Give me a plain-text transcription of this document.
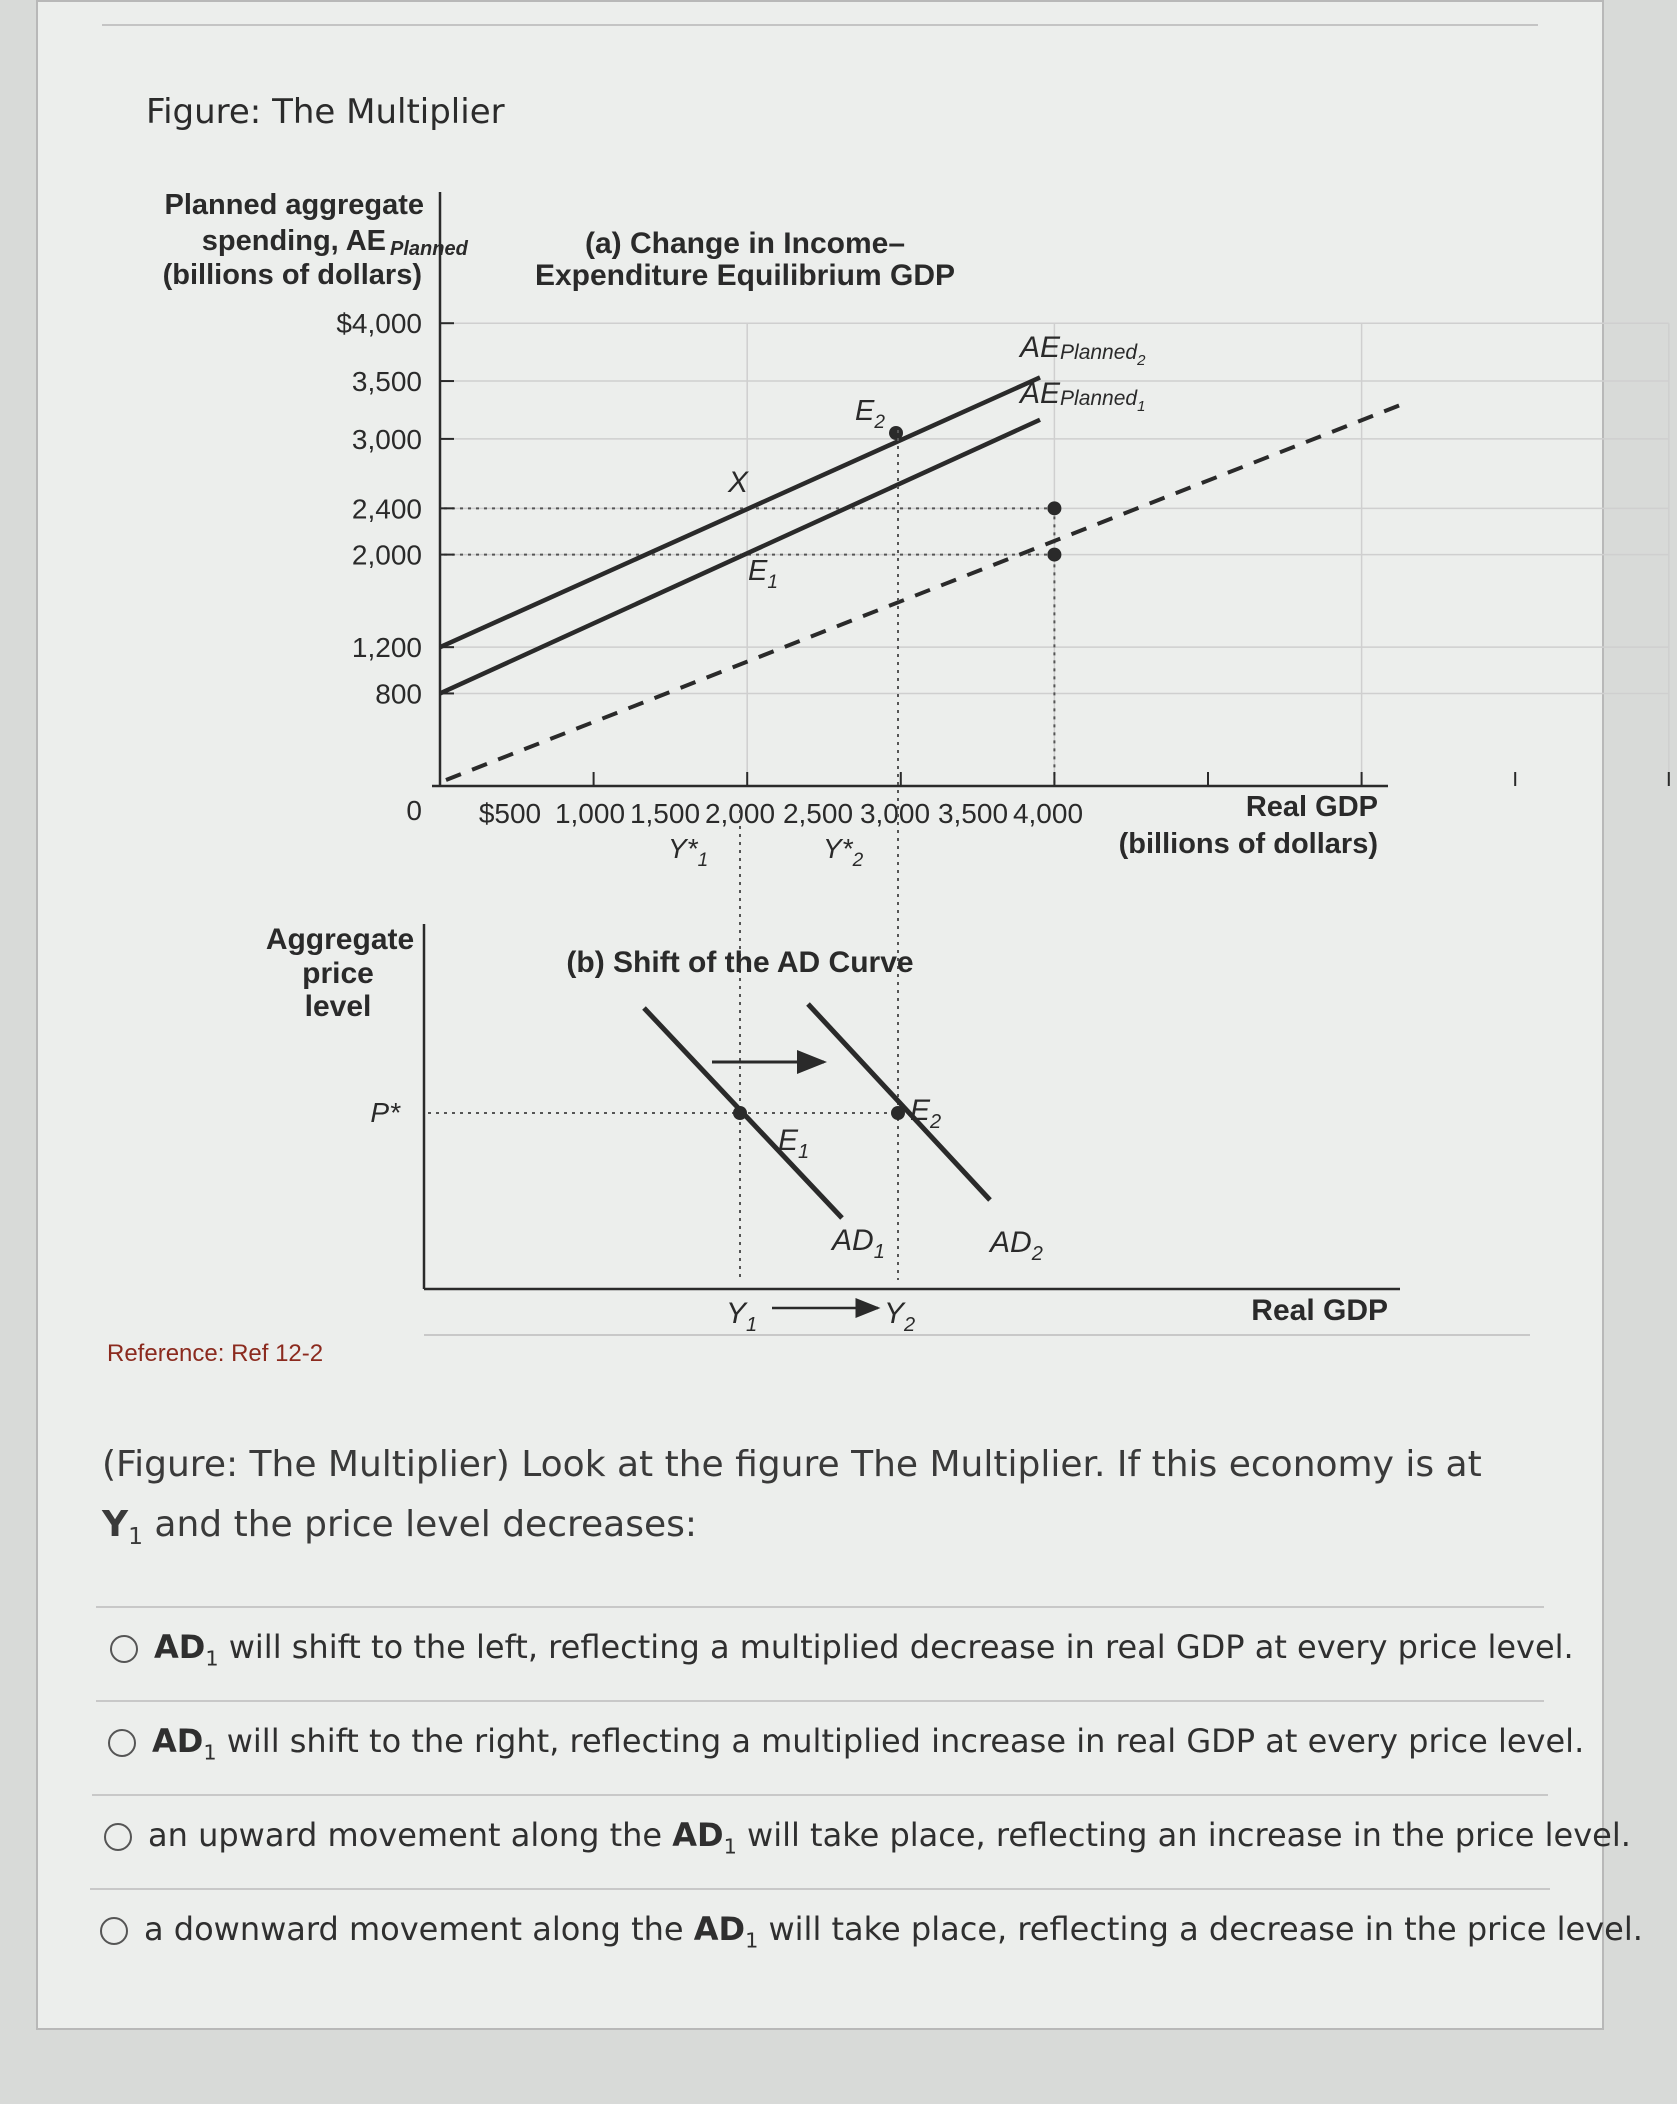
Figure: The Multiplier
$4,000
3,500
3,000
2,400
2,000
1,200
800
0 $500 1,000 1,500 2,000 2,500 3,000 3,500 4,000
$Y*_1$	$Y*_2$
AEPlanned$_2$
AEPlanned$_1$
$E_1$
$E_2$
X
(a) Change in Income–
Expenditure Equilibrium GDP
Planned aggregate
spending, AE Planned
(billions of dollars)
Real GDP
(billions of dollars)
(b) Shift of the AD Curve
Aggregate
price
level
P*
Real GDP
$E_1$
$E_2$
$AD_1$	$AD_2$
$Y_1$	$Y_2$
Reference: Ref 12-2
(Figure: The Multiplier) Look at the figure The Multiplier. If this economy is at $Y_1$ and the price level decreases:
$AD_1$ will shift to the left, reflecting a multiplied decrease in real GDP at every price level.
$AD_1$ will shift to the right, reflecting a multiplied increase in real GDP at every price level.
an upward movement along the $AD_1$ will take place, reflecting an increase in the price level.
a downward movement along the $AD_1$ will take place, reflecting a decrease in the price level.
